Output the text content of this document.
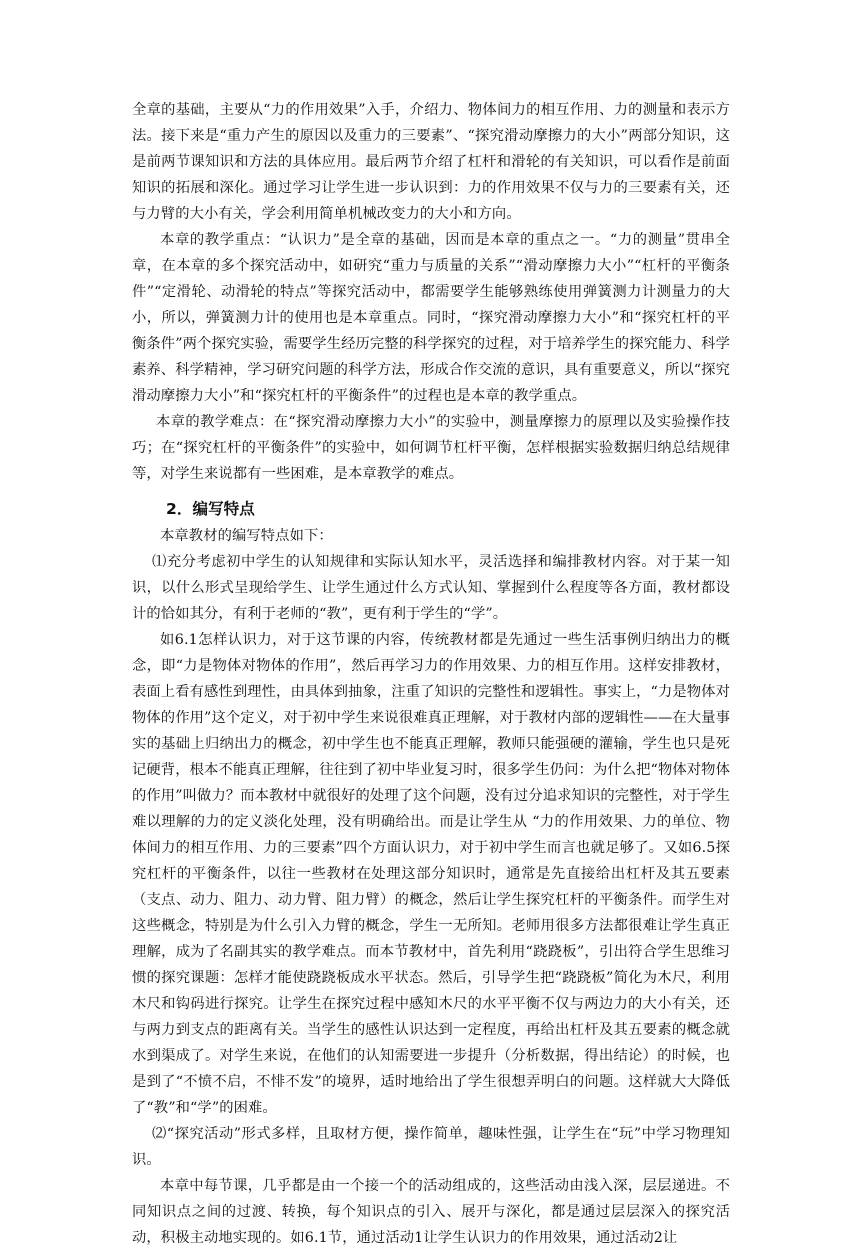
全章的基础，主要从“力的作用效果”入手，介绍力、物体间力的相互作用、力的测量和表示方法。接下来是“重力产生的原因以及重力的三要素”、“探究滑动摩擦力的大小”两部分知识，这是前两节课知识和方法的具体应用。最后两节介绍了杠杆和滑轮的有关知识，可以看作是前面知识的拓展和深化。通过学习让学生进一步认识到：力的作用效果不仅与力的三要素有关，还与力臂的大小有关，学会利用简单机械改变力的大小和方向。

本章的教学重点：“认识力”是全章的基础，因而是本章的重点之一。“力的测量”贯串全章，在本章的多个探究活动中，如研究“重力与质量的关系”“滑动摩擦力大小”“杠杆的平衡条件”“定滑轮、动滑轮的特点”等探究活动中，都需要学生能够熟练使用弹簧测力计测量力的大小，所以，弹簧测力计的使用也是本章重点。同时，“探究滑动摩擦力大小”和“探究杠杆的平衡条件”两个探究实验，需要学生经历完整的科学探究的过程，对于培养学生的探究能力、科学素养、科学精神，学习研究问题的科学方法，形成合作交流的意识，具有重要意义，所以“探究滑动摩擦力大小”和“探究杠杆的平衡条件”的过程也是本章的教学重点。

本章的教学难点：在“探究滑动摩擦力大小”的实验中，测量摩擦力的原理以及实验操作技巧；在“探究杠杆的平衡条件”的实验中，如何调节杠杆平衡，怎样根据实验数据归纳总结规律等，对学生来说都有一些困难，是本章教学的难点。

2．编写特点

本章教材的编写特点如下：

⑴充分考虑初中学生的认知规律和实际认知水平，灵活选择和编排教材内容。对于某一知识，以什么形式呈现给学生、让学生通过什么方式认知、掌握到什么程度等各方面，教材都设计的恰如其分，有利于老师的“教”，更有利于学生的“学”。

如6.1怎样认识力，对于这节课的内容，传统教材都是先通过一些生活事例归纳出力的概念，即“力是物体对物体的作用”，然后再学习力的作用效果、力的相互作用。这样安排教材，表面上看有感性到理性，由具体到抽象，注重了知识的完整性和逻辑性。事实上，“力是物体对物体的作用”这个定义，对于初中学生来说很难真正理解，对于教材内部的逻辑性——在大量事实的基础上归纳出力的概念，初中学生也不能真正理解，教师只能强硬的灌输，学生也只是死记硬背，根本不能真正理解，往往到了初中毕业复习时，很多学生仍问：为什么把“物体对物体的作用”叫做力？而本教材中就很好的处理了这个问题，没有过分追求知识的完整性，对于学生难以理解的力的定义淡化处理，没有明确给出。而是让学生从 “力的作用效果、力的单位、物体间力的相互作用、力的三要素”四个方面认识力，对于初中学生而言也就足够了。又如6.5探究杠杆的平衡条件，以往一些教材在处理这部分知识时，通常是先直接给出杠杆及其五要素（支点、动力、阻力、动力臂、阻力臂）的概念，然后让学生探究杠杆的平衡条件。而学生对这些概念，特别是为什么引入力臂的概念，学生一无所知。老师用很多方法都很难让学生真正理解，成为了名副其实的教学难点。而本节教材中，首先利用“跷跷板”，引出符合学生思维习惯的探究课题：怎样才能使跷跷板成水平状态。然后，引导学生把“跷跷板”简化为木尺，利用木尺和钩码进行探究。让学生在探究过程中感知木尺的水平平衡不仅与两边力的大小有关，还与两力到支点的距离有关。当学生的感性认识达到一定程度，再给出杠杆及其五要素的概念就水到渠成了。对学生来说，在他们的认知需要进一步提升（分析数据，得出结论）的时候，也是到了“不愤不启，不悱不发”的境界，适时地给出了学生很想弄明白的问题。这样就大大降低了“教”和“学”的困难。

⑵“探究活动”形式多样，且取材方便，操作简单，趣味性强，让学生在“玩”中学习物理知识。

本章中每节课，几乎都是由一个接一个的活动组成的，这些活动由浅入深，层层递进。不同知识点之间的过渡、转换，每个知识点的引入、展开与深化，都是通过层层深入的探究活动，积极主动地实现的。如6.1节，通过活动1让学生认识力的作用效果，通过活动2让
